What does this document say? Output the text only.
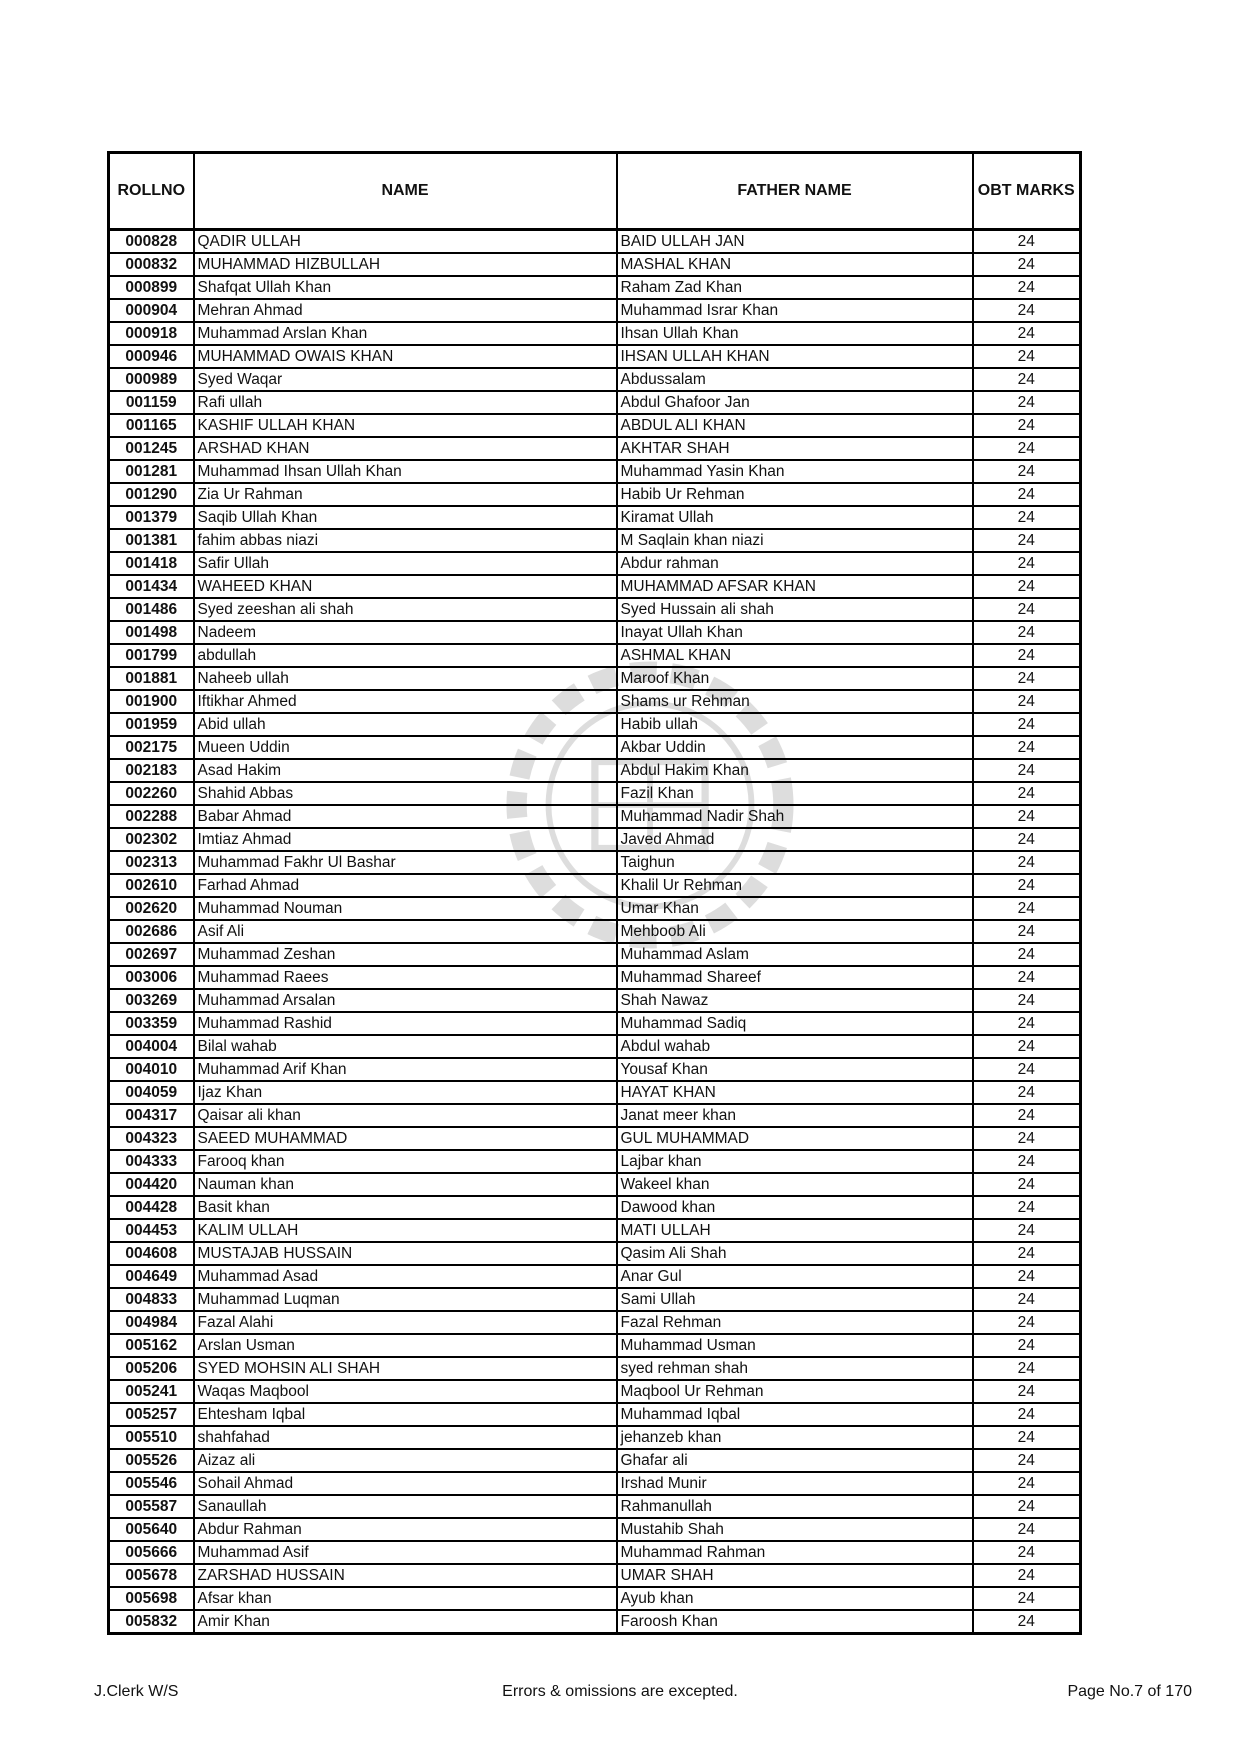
ROLLNO	NAME	FATHER NAME	OBT MARKS
000828	QADIR ULLAH	BAID ULLAH JAN	24
000832	MUHAMMAD HIZBULLAH	MASHAL KHAN	24
000899	Shafqat Ullah Khan	Raham Zad Khan	24
000904	Mehran Ahmad	Muhammad Israr Khan	24
000918	Muhammad Arslan Khan	Ihsan Ullah Khan	24
000946	MUHAMMAD OWAIS KHAN	IHSAN ULLAH KHAN	24
000989	Syed Waqar	Abdussalam	24
001159	Rafi ullah	Abdul Ghafoor Jan	24
001165	KASHIF ULLAH KHAN	ABDUL ALI KHAN	24
001245	ARSHAD KHAN	AKHTAR SHAH	24
001281	Muhammad Ihsan Ullah Khan	Muhammad Yasin Khan	24
001290	Zia Ur Rahman	Habib Ur Rehman	24
001379	Saqib Ullah Khan	Kiramat Ullah	24
001381	fahim abbas niazi	M Saqlain khan niazi	24
001418	Safir Ullah	Abdur rahman	24
001434	WAHEED KHAN	MUHAMMAD AFSAR KHAN	24
001486	Syed zeeshan ali shah	Syed Hussain ali shah	24
001498	Nadeem	Inayat Ullah Khan	24
001799	abdullah	ASHMAL KHAN	24
001881	Naheeb ullah	Maroof Khan	24
001900	Iftikhar Ahmed	Shams ur Rehman	24
001959	Abid ullah	Habib ullah	24
002175	Mueen Uddin	Akbar Uddin	24
002183	Asad Hakim	Abdul Hakim Khan	24
002260	Shahid Abbas	Fazil Khan	24
002288	Babar Ahmad	Muhammad Nadir Shah	24
002302	Imtiaz Ahmad	Javed Ahmad	24
002313	Muhammad Fakhr Ul Bashar	Taighun	24
002610	Farhad Ahmad	Khalil Ur Rehman	24
002620	Muhammad Nouman	Umar Khan	24
002686	Asif Ali	Mehboob Ali	24
002697	Muhammad Zeshan	Muhammad Aslam	24
003006	Muhammad Raees	Muhammad Shareef	24
003269	Muhammad Arsalan	Shah Nawaz	24
003359	Muhammad Rashid	Muhammad Sadiq	24
004004	Bilal wahab	Abdul wahab	24
004010	Muhammad Arif Khan	Yousaf Khan	24
004059	Ijaz Khan	HAYAT KHAN	24
004317	Qaisar ali khan	Janat meer khan	24
004323	SAEED MUHAMMAD	GUL MUHAMMAD	24
004333	Farooq khan	Lajbar khan	24
004420	Nauman khan	Wakeel khan	24
004428	Basit khan	Dawood khan	24
004453	KALIM ULLAH	MATI ULLAH	24
004608	MUSTAJAB HUSSAIN	Qasim Ali Shah	24
004649	Muhammad Asad	Anar Gul	24
004833	Muhammad Luqman	Sami Ullah	24
004984	Fazal Alahi	Fazal Rehman	24
005162	Arslan Usman	Muhammad Usman	24
005206	SYED MOHSIN ALI SHAH	syed rehman shah	24
005241	Waqas Maqbool	Maqbool Ur Rehman	24
005257	Ehtesham Iqbal	Muhammad Iqbal	24
005510	shahfahad	jehanzeb khan	24
005526	Aizaz ali	Ghafar ali	24
005546	Sohail Ahmad	Irshad Munir	24
005587	Sanaullah	Rahmanullah	24
005640	Abdur Rahman	Mustahib Shah	24
005666	Muhammad Asif	Muhammad Rahman	24
005678	ZARSHAD HUSSAIN	UMAR SHAH	24
005698	Afsar khan	Ayub khan	24
005832	Amir Khan	Faroosh Khan	24
J.Clerk W/S	Errors & omissions are excepted.	Page No.7 of 170
